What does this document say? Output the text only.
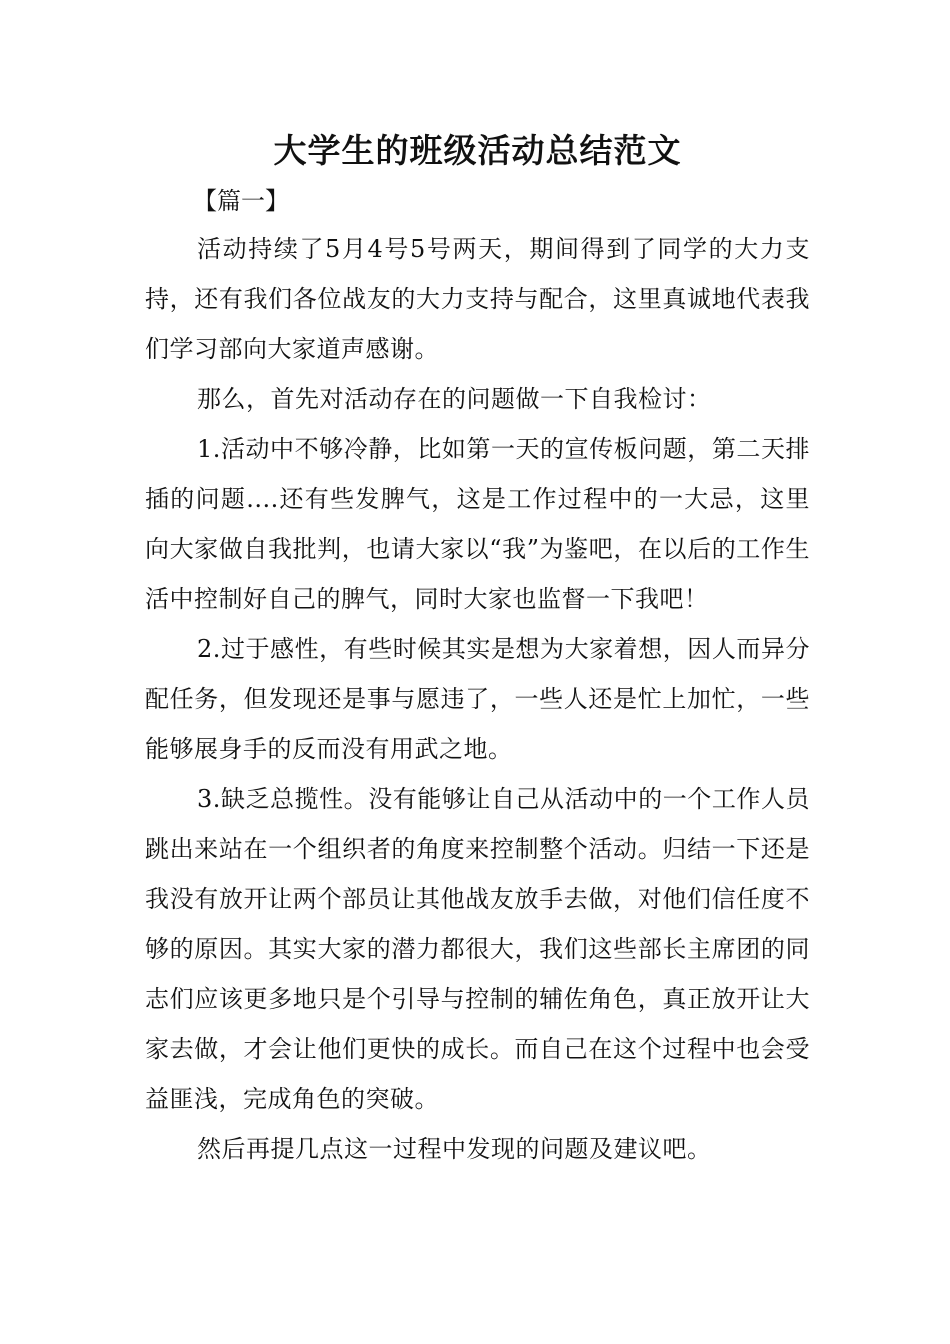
大学生的班级活动总结范文

【篇一】

活动持续了5月4号5号两天，期间得到了同学的大力支持，还有我们各位战友的大力支持与配合，这里真诚地代表我们学习部向大家道声感谢。

那么，首先对活动存在的问题做一下自我检讨：

1.活动中不够冷静，比如第一天的宣传板问题，第二天排插的问题....还有些发脾气，这是工作过程中的一大忌，这里向大家做自我批判，也请大家以“我”为鉴吧，在以后的工作生活中控制好自己的脾气，同时大家也监督一下我吧！

2.过于感性，有些时候其实是想为大家着想，因人而异分配任务，但发现还是事与愿违了，一些人还是忙上加忙，一些能够展身手的反而没有用武之地。

3.缺乏总揽性。没有能够让自己从活动中的一个工作人员跳出来站在一个组织者的角度来控制整个活动。归结一下还是我没有放开让两个部员让其他战友放手去做，对他们信任度不够的原因。其实大家的潜力都很大，我们这些部长主席团的同志们应该更多地只是个引导与控制的辅佐角色，真正放开让大家去做，才会让他们更快的成长。而自己在这个过程中也会受益匪浅，完成角色的突破。

然后再提几点这一过程中发现的问题及建议吧。
